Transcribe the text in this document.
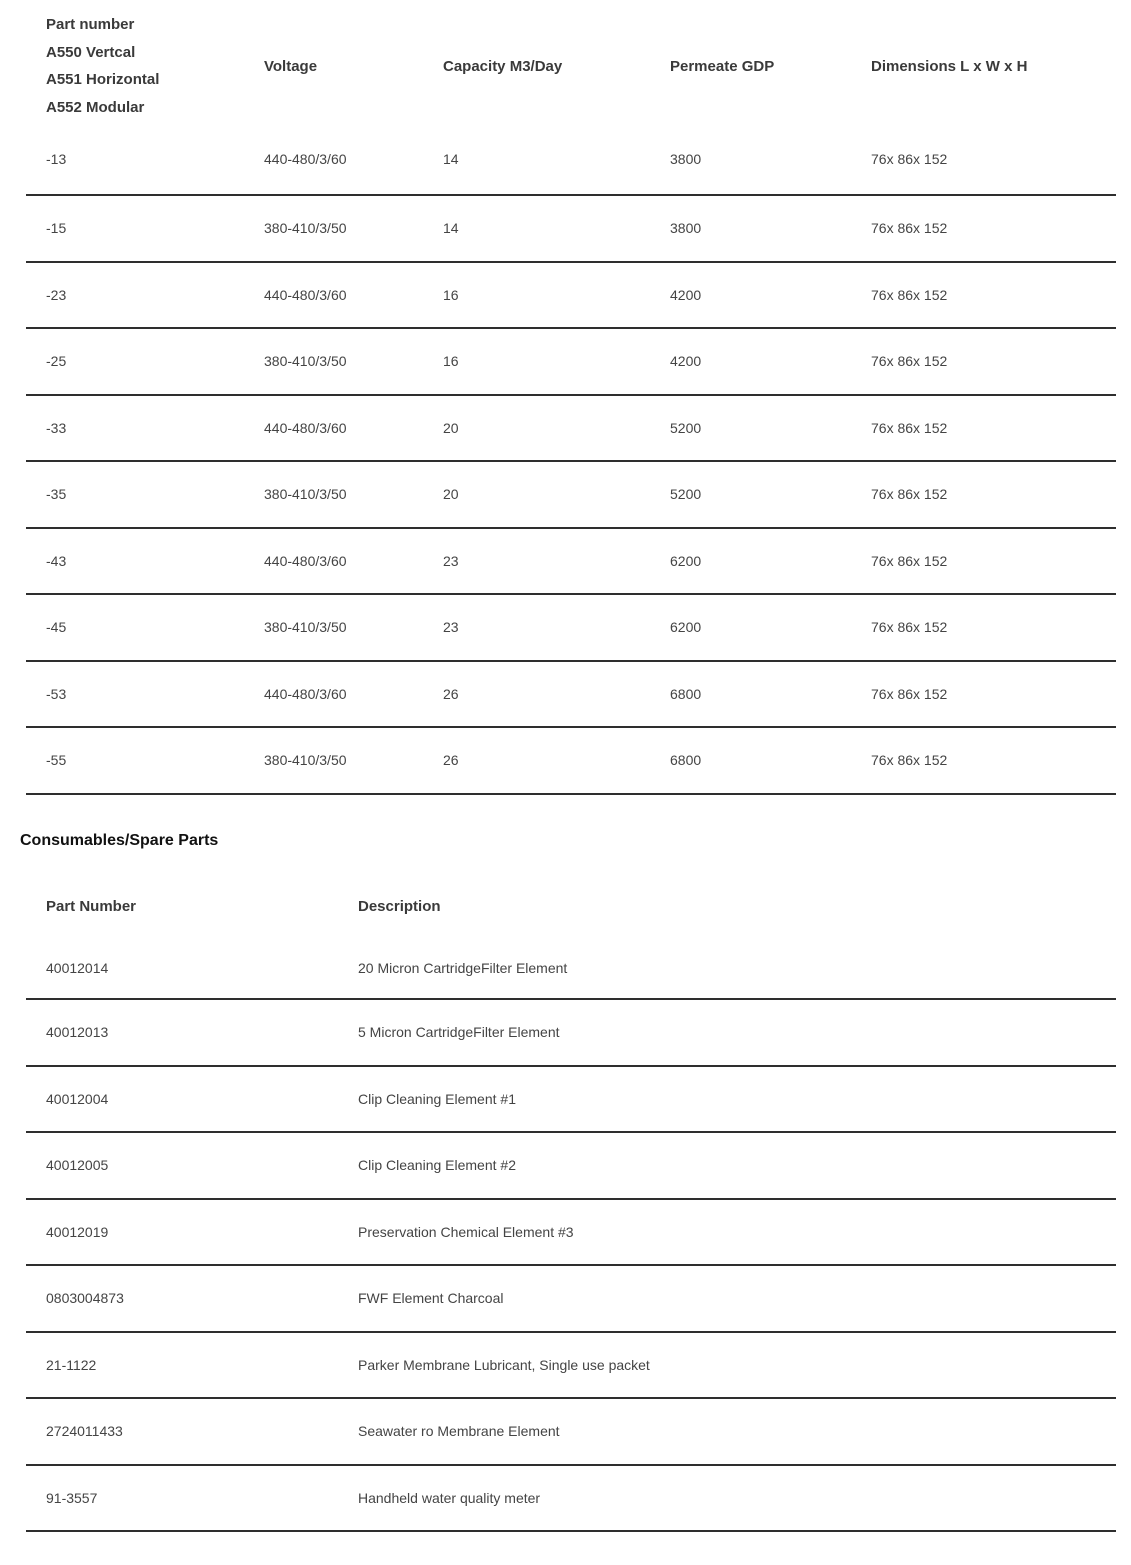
Part number
A550 Vertcal
A551 Horizontal
A552 Modular	Voltage	Capacity M3/Day	Permeate GDP	Dimensions L x W x H
-13	440-480/3/60	14	3800	76x 86x 152
-15	380-410/3/50	14	3800	76x 86x 152
-23	440-480/3/60	16	4200	76x 86x 152
-25	380-410/3/50	16	4200	76x 86x 152
-33	440-480/3/60	20	5200	76x 86x 152
-35	380-410/3/50	20	5200	76x 86x 152
-43	440-480/3/60	23	6200	76x 86x 152
-45	380-410/3/50	23	6200	76x 86x 152
-53	440-480/3/60	26	6800	76x 86x 152
-55	380-410/3/50	26	6800	76x 86x 152
Consumables/Spare Parts
Part Number	Description
40012014	20 Micron CartridgeFilter Element
40012013	5 Micron CartridgeFilter Element
40012004	Clip Cleaning Element #1
40012005	Clip Cleaning Element #2
40012019	Preservation Chemical Element #3
0803004873	FWF Element Charcoal
21-1122	Parker Membrane Lubricant, Single use packet
2724011433	Seawater ro Membrane Element
91-3557	Handheld water quality meter
